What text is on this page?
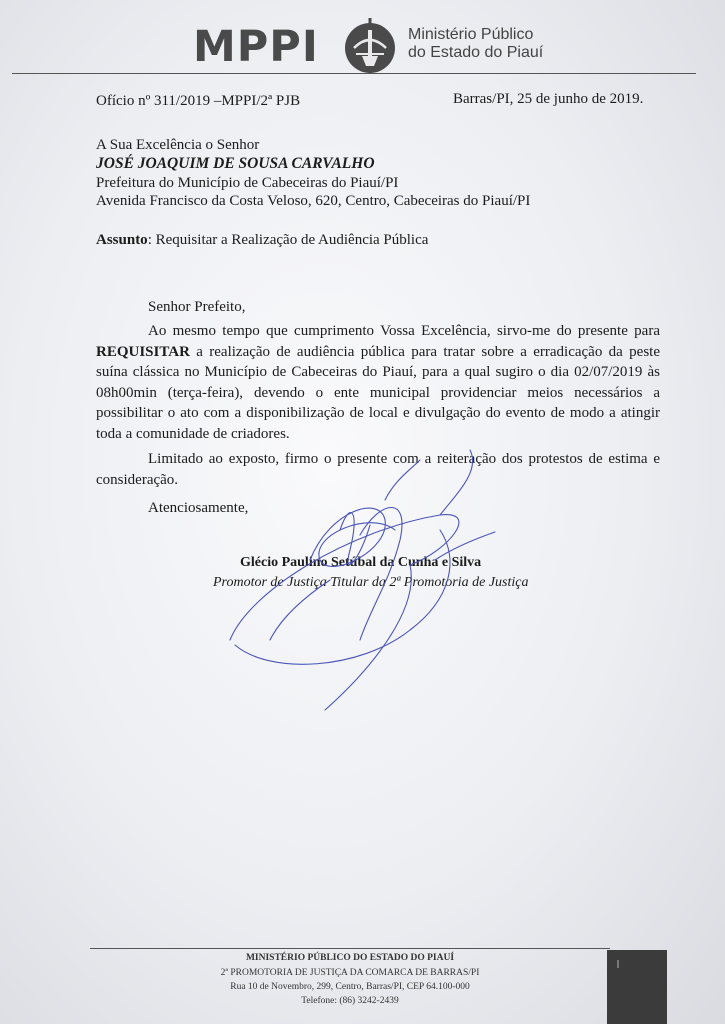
MPPI	Ministério Público
do Estado do Piauí
Ofício nº 311/2019 –MPPI/2ª PJB	Barras/PI, 25 de junho de 2019.
A Sua Excelência o Senhor
JOSÉ JOAQUIM DE SOUSA CARVALHO
Prefeitura do Município de Cabeceiras do Piauí/PI
Avenida Francisco da Costa Veloso, 620, Centro, Cabeceiras do Piauí/PI
Assunto: Requisitar a Realização de Audiência Pública
Senhor Prefeito,

Ao mesmo tempo que cumprimento Vossa Excelência, sirvo-me do presente para REQUISITAR a realização de audiência pública para tratar sobre a erradicação da peste suína clássica no Município de Cabeceiras do Piauí, para a qual sugiro o dia 02/07/2019 às 08h00min (terça-feira), devendo o ente municipal providenciar meios necessários a possibilitar o ato com a disponibilização de local e divulgação do evento de modo a atingir toda a comunidade de criadores.

Limitado ao exposto, firmo o presente com a reiteração dos protestos de estima e consideração.

Atenciosamente,
Glécio Paulino Setúbal da Cunha e Silva
Promotor de Justiça Titular da 2ª Promotoria de Justiça
MINISTÉRIO PÚBLICO DO ESTADO DO PIAUÍ
2ª PROMOTORIA DE JUSTIÇA DA COMARCA DE BARRAS/PI
Rua 10 de Novembro, 299, Centro, Barras/PI, CEP 64.100-000
Telefone: (86) 3242-2439
